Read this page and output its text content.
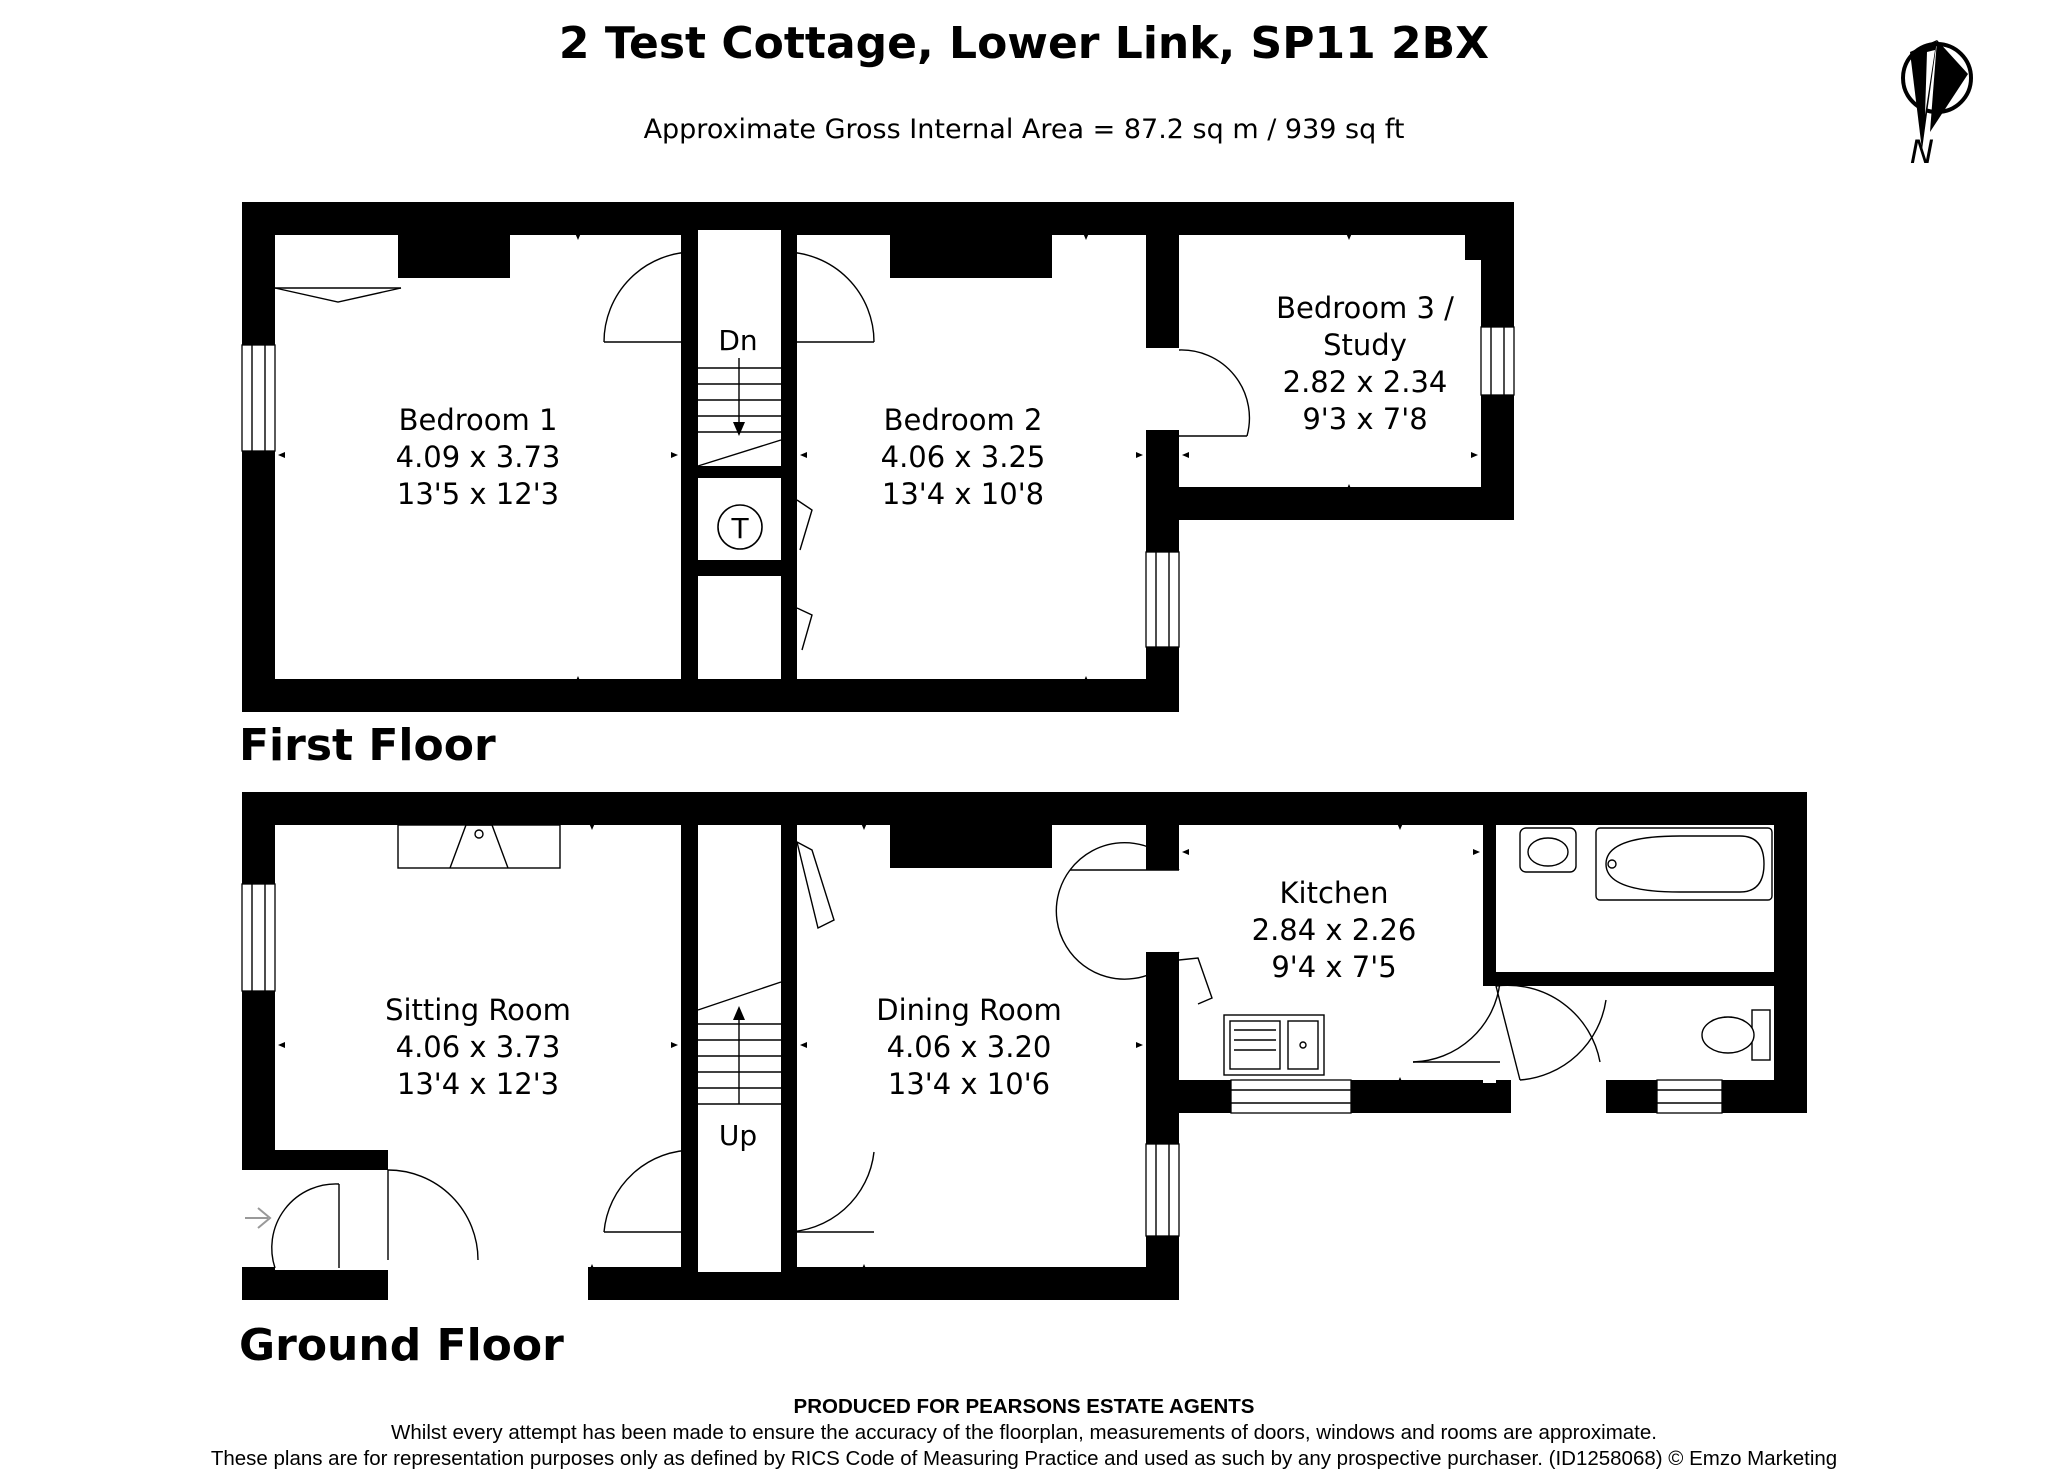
2 Test Cottage, Lower Link, SP11 2BX
Approximate Gross Internal Area = 87.2 sq m / 939 sq ft
N
Dn
T
Bedroom 1
4.09 x 3.73
13'5 x 12'3
Bedroom 2
4.06 x 3.25
13'4 x 10'8
Bedroom 3 /
Study
2.82 x 2.34
9'3 x 7'8
First Floor
Up
Sitting Room
4.06 x 3.73
13'4 x 12'3
Dining Room
4.06 x 3.20
13'4 x 10'6
Kitchen
2.84 x 2.26
9'4 x 7'5
Ground Floor
PRODUCED FOR PEARSONS ESTATE AGENTS
Whilst every attempt has been made to ensure the accuracy of the floorplan, measurements of doors, windows and rooms are approximate.
These plans are for representation purposes only as defined by RICS Code of Measuring Practice and used as such by any prospective purchaser. (ID1258068) © Emzo Marketing
